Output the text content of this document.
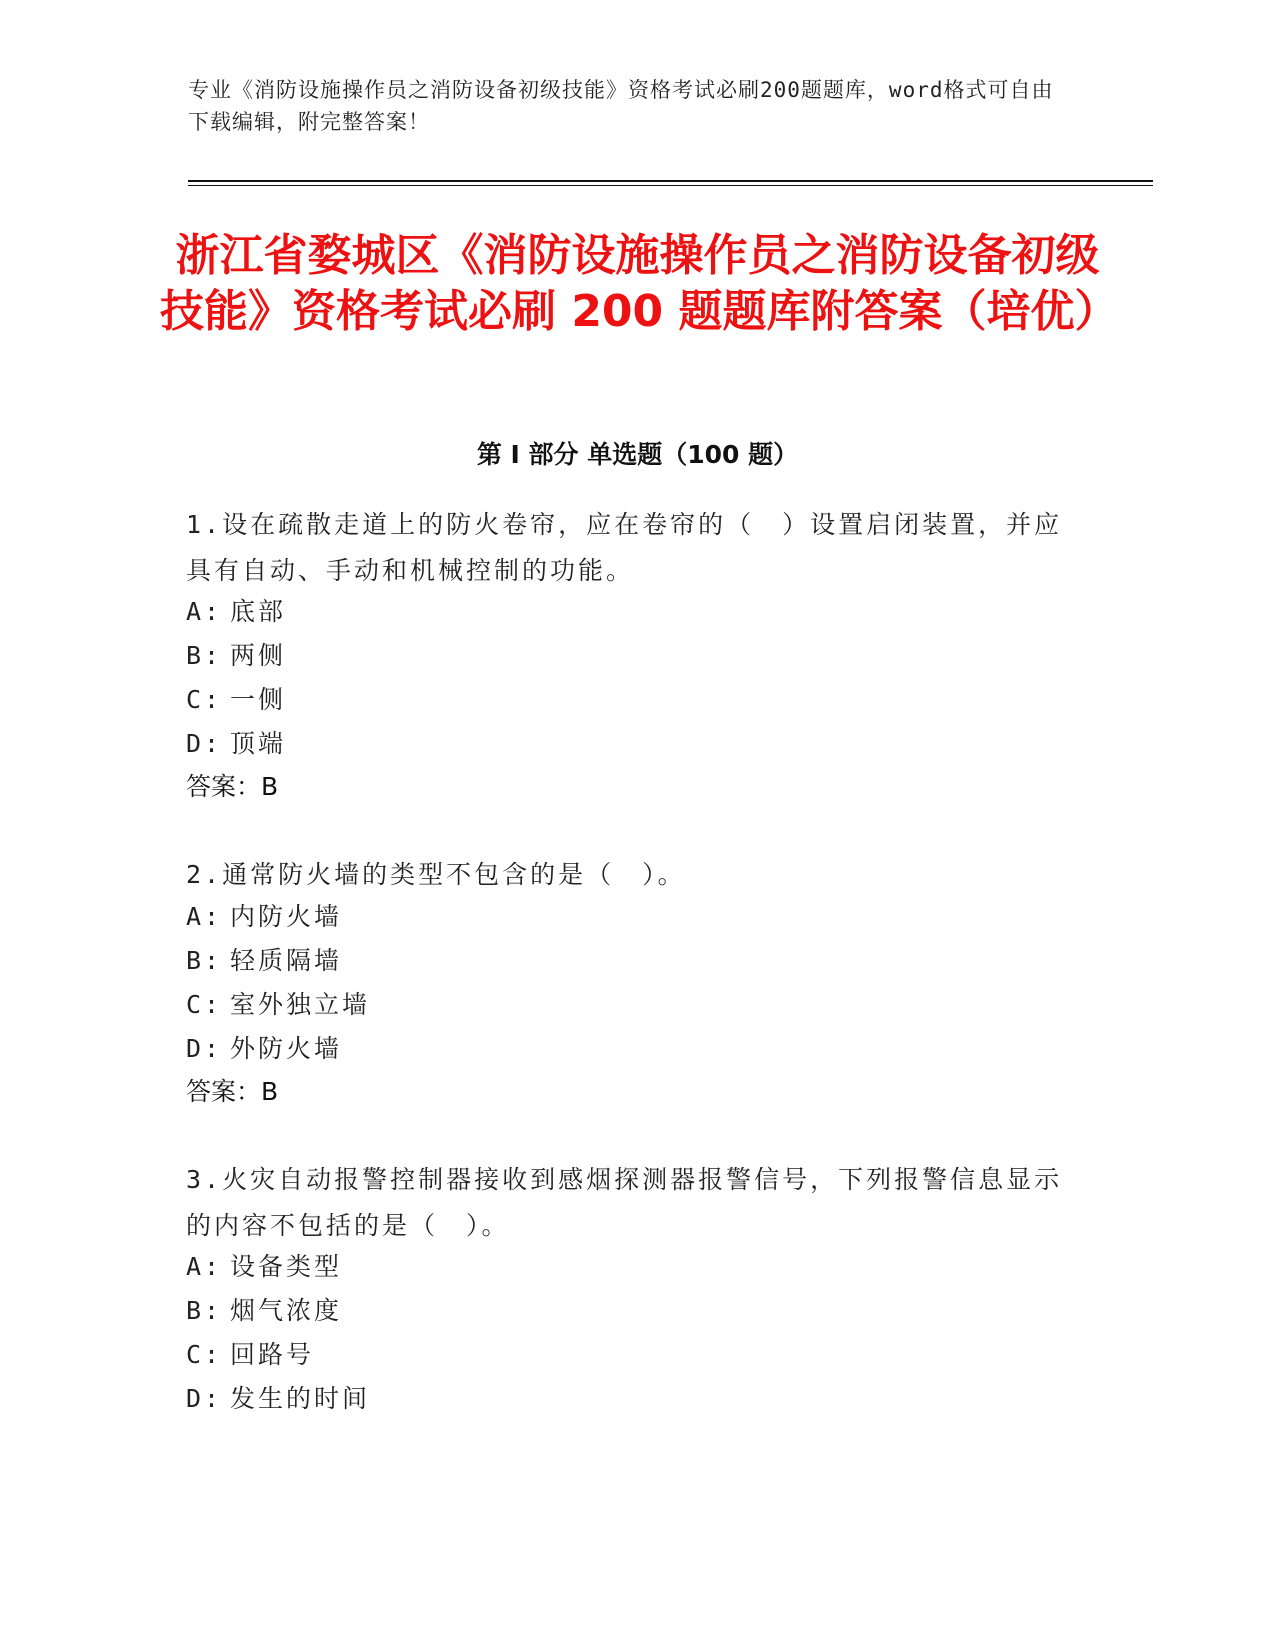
专业《消防设施操作员之消防设备初级技能》资格考试必刷200题题库，word格式可自由下载编辑，附完整答案！
浙江省婺城区《消防设施操作员之消防设备初级技能》资格考试必刷 200 题题库附答案（培优）
第 I 部分 单选题（100 题）
1.设在疏散走道上的防火卷帘，应在卷帘的（　）设置启闭装置，并应具有自动、手动和机械控制的功能。
A: 底部
B: 两侧
C: 一侧
D: 顶端
答案：B
2.通常防火墙的类型不包含的是（　）。
A: 内防火墙
B: 轻质隔墙
C: 室外独立墙
D: 外防火墙
答案：B
3.火灾自动报警控制器接收到感烟探测器报警信号，下列报警信息显示的内容不包括的是（　）。
A: 设备类型
B: 烟气浓度
C: 回路号
D: 发生的时间
